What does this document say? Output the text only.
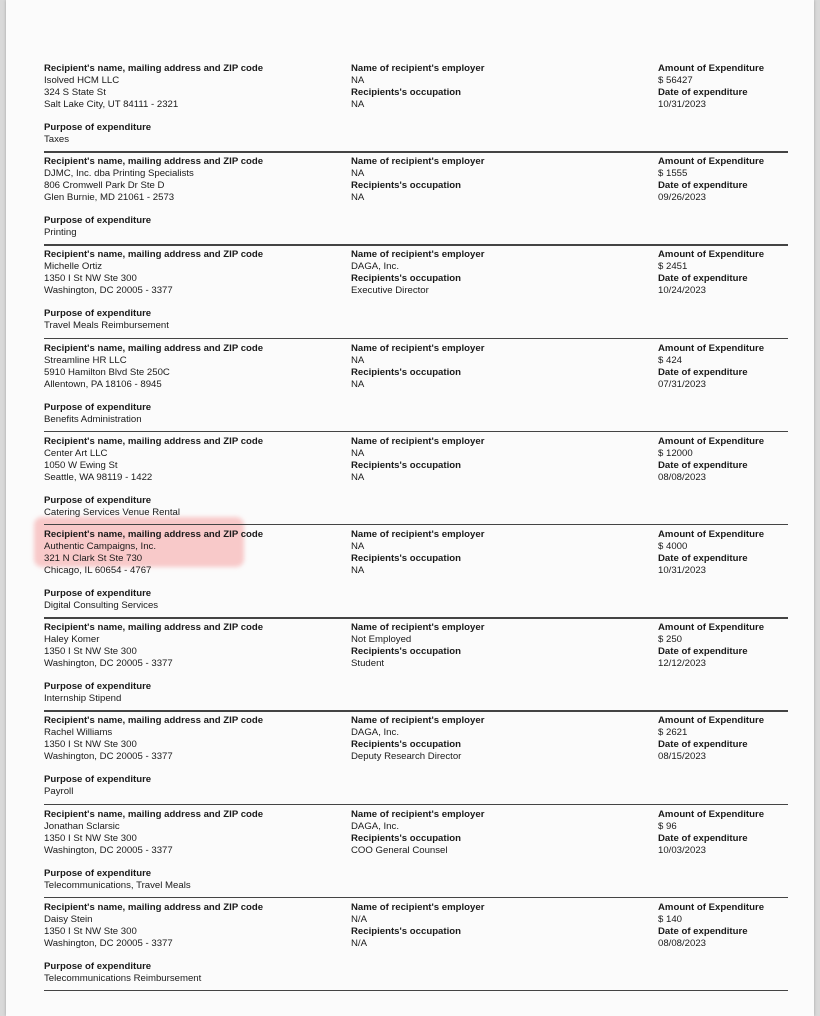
Recipient's name, mailing address and ZIP code
Isolved HCM LLC
324 S State St
Salt Lake City, UT 84111 - 2321
Name of recipient's employer
NA
Recipients's occupation
NA
Amount of Expenditure
$ 56427
Date of expenditure
10/31/2023
Purpose of expenditure
Taxes
Recipient's name, mailing address and ZIP code
DJMC, Inc. dba Printing Specialists
806 Cromwell Park Dr Ste D
Glen Burnie, MD 21061 - 2573
Name of recipient's employer
NA
Recipients's occupation
NA
Amount of Expenditure
$ 1555
Date of expenditure
09/26/2023
Purpose of expenditure
Printing
Recipient's name, mailing address and ZIP code
Michelle Ortiz
1350 I St NW Ste 300
Washington, DC 20005 - 3377
Name of recipient's employer
DAGA, Inc.
Recipients's occupation
Executive Director
Amount of Expenditure
$ 2451
Date of expenditure
10/24/2023
Purpose of expenditure
Travel Meals Reimbursement
Recipient's name, mailing address and ZIP code
Streamline HR LLC
5910 Hamilton Blvd Ste 250C
Allentown, PA 18106 - 8945
Name of recipient's employer
NA
Recipients's occupation
NA
Amount of Expenditure
$ 424
Date of expenditure
07/31/2023
Purpose of expenditure
Benefits Administration
Recipient's name, mailing address and ZIP code
Center Art LLC
1050 W Ewing St
Seattle, WA 98119 - 1422
Name of recipient's employer
NA
Recipients's occupation
NA
Amount of Expenditure
$ 12000
Date of expenditure
08/08/2023
Purpose of expenditure
Catering Services Venue Rental
Recipient's name, mailing address and ZIP code
Authentic Campaigns, Inc.
321 N Clark St Ste 730
Chicago, IL 60654 - 4767
Name of recipient's employer
NA
Recipients's occupation
NA
Amount of Expenditure
$ 4000
Date of expenditure
10/31/2023
Purpose of expenditure
Digital Consulting Services
Recipient's name, mailing address and ZIP code
Haley Komer
1350 I St NW Ste 300
Washington, DC 20005 - 3377
Name of recipient's employer
Not Employed
Recipients's occupation
Student
Amount of Expenditure
$ 250
Date of expenditure
12/12/2023
Purpose of expenditure
Internship Stipend
Recipient's name, mailing address and ZIP code
Rachel Williams
1350 I St NW Ste 300
Washington, DC 20005 - 3377
Name of recipient's employer
DAGA, Inc.
Recipients's occupation
Deputy Research Director
Amount of Expenditure
$ 2621
Date of expenditure
08/15/2023
Purpose of expenditure
Payroll
Recipient's name, mailing address and ZIP code
Jonathan Sclarsic
1350 I St NW Ste 300
Washington, DC 20005 - 3377
Name of recipient's employer
DAGA, Inc.
Recipients's occupation
COO General Counsel
Amount of Expenditure
$ 96
Date of expenditure
10/03/2023
Purpose of expenditure
Telecommunications, Travel Meals
Recipient's name, mailing address and ZIP code
Daisy Stein
1350 I St NW Ste 300
Washington, DC 20005 - 3377
Name of recipient's employer
N/A
Recipients's occupation
N/A
Amount of Expenditure
$ 140
Date of expenditure
08/08/2023
Purpose of expenditure
Telecommunications Reimbursement
